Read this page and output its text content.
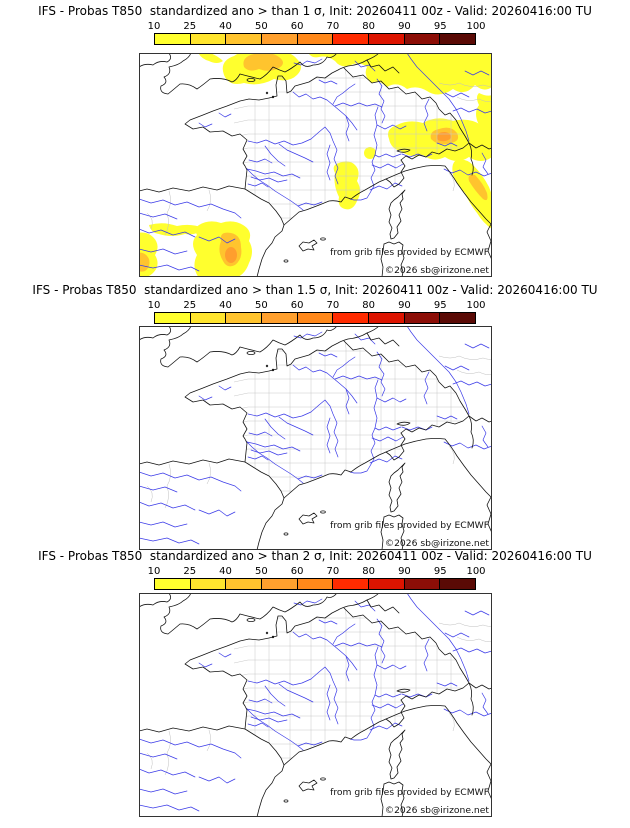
IFS - Probas T850  standardized ano > than 1 σ, Init: 20260411 00z - Valid: 20260416:00 TU
10 25 40 50 60 70 80 90 95 100
from grib files provided by ECMWF
©2026 sb@irizone.net
IFS - Probas T850  standardized ano > than 1.5 σ, Init: 20260411 00z - Valid: 20260416:00 TU
10 25 40 50 60 70 80 90 95 100
from grib files provided by ECMWF
©2026 sb@irizone.net
IFS - Probas T850  standardized ano > than 2 σ, Init: 20260411 00z - Valid: 20260416:00 TU
10 25 40 50 60 70 80 90 95 100
from grib files provided by ECMWF
©2026 sb@irizone.net
